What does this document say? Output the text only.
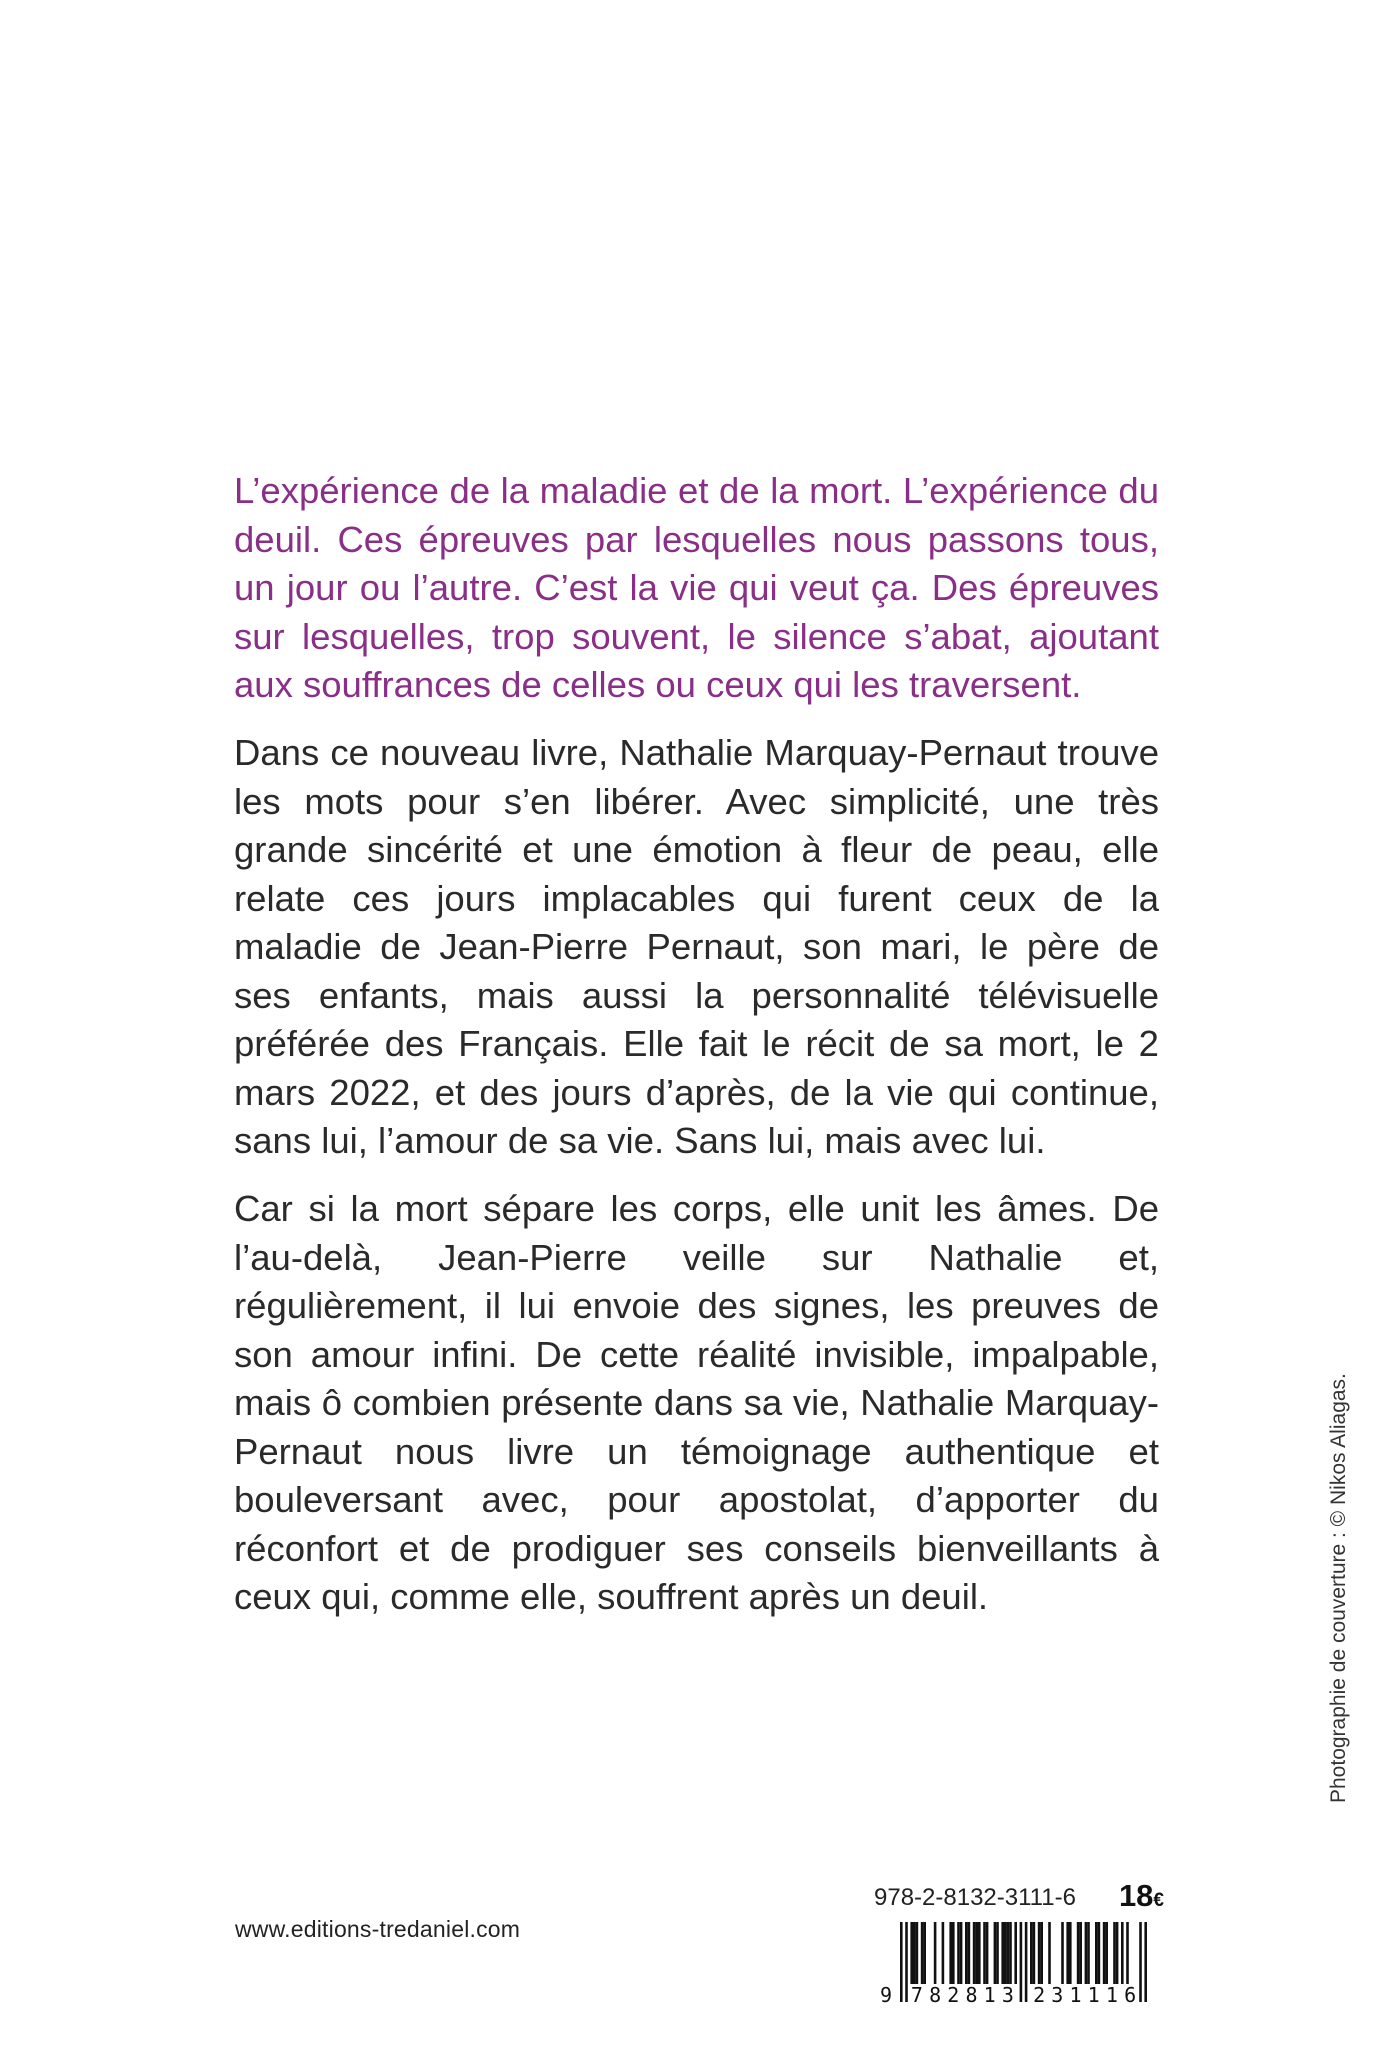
L’expérience de la maladie et de la mort. L’expérience du deuil. Ces épreuves par lesquelles nous passons tous, un jour ou l’autre. C’est la vie qui veut ça. Des épreuves sur lesquelles, trop souvent, le silence s’abat, ajoutant aux souffrances de celles ou ceux qui les traversent.

Dans ce nouveau livre, Nathalie Marquay-Pernaut trouve les mots pour s’en libérer. Avec simplicité, une très grande sincérité et une émotion à fleur de peau, elle relate ces jours implacables qui furent ceux de la maladie de Jean-Pierre Pernaut, son mari, le père de ses enfants, mais aussi la personnalité télévisuelle préférée des Français. Elle fait le récit de sa mort, le 2 mars 2022, et des jours d’après, de la vie qui continue, sans lui, l’amour de sa vie. Sans lui, mais avec lui.

Car si la mort sépare les corps, elle unit les âmes. De l’au-delà, Jean-Pierre veille sur Nathalie et, régulièrement, il lui envoie des signes, les preuves de son amour infini. De cette réalité invisible, impalpable, mais ô combien présente dans sa vie, Nathalie Marquay-Pernaut nous livre un témoignage authentique et bouleversant avec, pour apostolat, d’apporter du réconfort et de prodiguer ses conseils bienveillants à ceux qui, comme elle, souffrent après un deuil.

978-2-8132-3111-6 18€
9 7 8 2 8 1 3 2 3 1 1 1 6
www.editions-tredaniel.com
Photographie de couverture : © Nikos Aliagas.
